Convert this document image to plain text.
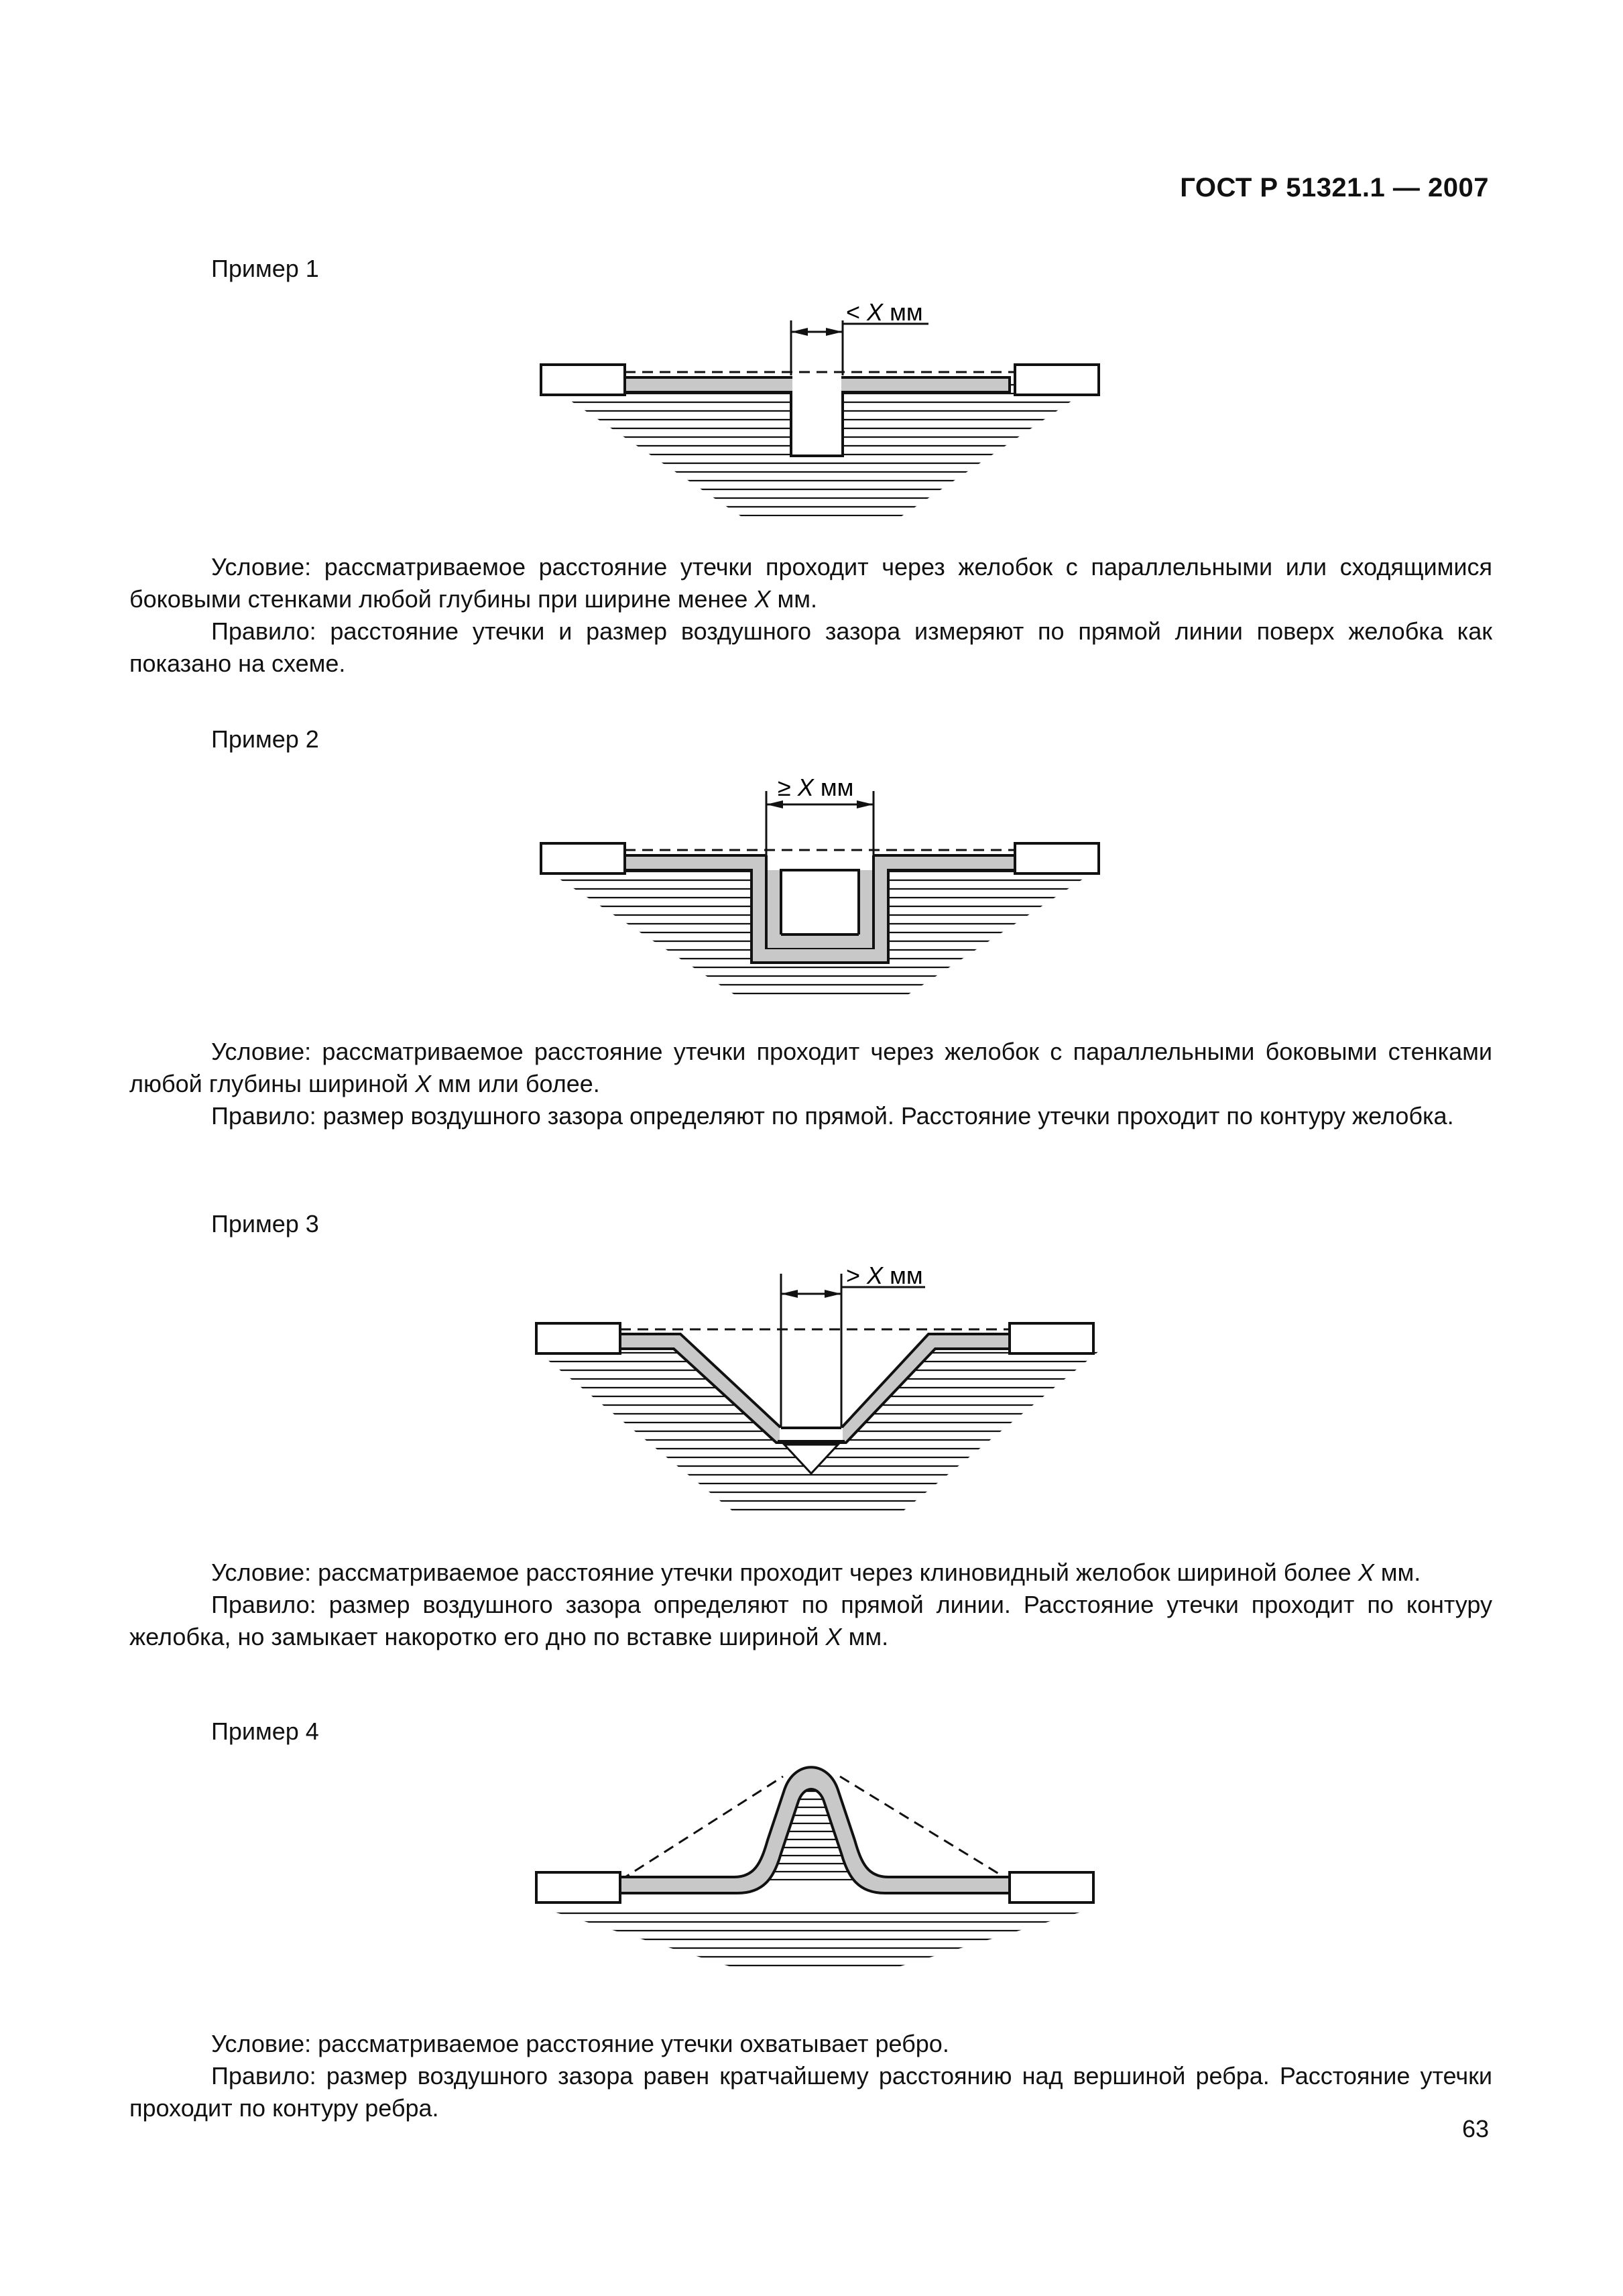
ГОСТ Р 51321.1 — 2007
Пример 1
< X мм

Условие: рассматриваемое расстояние утечки проходит через желобок с параллельными или сходящимися боковыми стенками любой глубины при ширине менее X мм.

Правило: расстояние утечки и размер воздушного зазора измеряют по прямой линии поверх желобка как показано на схеме.

Пример 2
≥ X мм

Условие: рассматриваемое расстояние утечки проходит через желобок с параллельными боковыми стенками любой глубины шириной X мм или более.

Правило: размер воздушного зазора определяют по прямой. Расстояние утечки проходит по контуру желобка.

Пример 3
> X мм

Условие: рассматриваемое расстояние утечки проходит через клиновидный желобок шириной более X мм.

Правило: размер воздушного зазора определяют по прямой линии. Расстояние утечки проходит по контуру желобка, но замыкает накоротко его дно по вставке шириной X мм.

Пример 4

Условие: рассматриваемое расстояние утечки охватывает ребро.

Правило: размер воздушного зазора равен кратчайшему расстоянию над вершиной ребра. Расстояние утечки проходит по контуру ребра.

63
